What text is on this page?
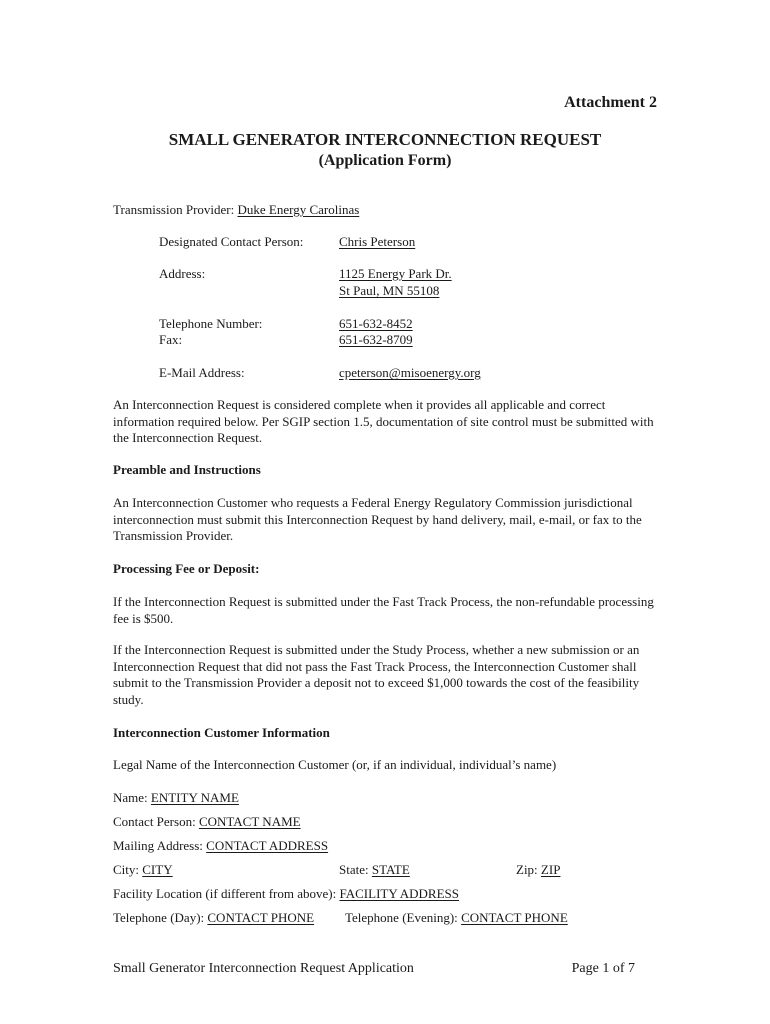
Attachment 2
SMALL GENERATOR INTERCONNECTION REQUEST
(Application Form)
Transmission Provider: Duke Energy Carolinas
Designated Contact Person:	Chris Peterson
Address:	1125 Energy Park Dr.
St Paul, MN 55108
Telephone Number:	651-632-8452
Fax:	651-632-8709
E-Mail Address:	cpeterson@misoenergy.org
An Interconnection Request is considered complete when it provides all applicable and correct information required below. Per SGIP section 1.5, documentation of site control must be submitted with the Interconnection Request.
Preamble and Instructions
An Interconnection Customer who requests a Federal Energy Regulatory Commission jurisdictional interconnection must submit this Interconnection Request by hand delivery, mail, e-mail, or fax to the Transmission Provider.
Processing Fee or Deposit:
If the Interconnection Request is submitted under the Fast Track Process, the non-refundable processing fee is $500.
If the Interconnection Request is submitted under the Study Process, whether a new submission or an Interconnection Request that did not pass the Fast Track Process, the Interconnection Customer shall submit to the Transmission Provider a deposit not to exceed $1,000 towards the cost of the feasibility study.
Interconnection Customer Information
Legal Name of the Interconnection Customer (or, if an individual, individual’s name)
Name: ENTITY NAME
Contact Person: CONTACT NAME
Mailing Address: CONTACT ADDRESS
City: CITY	State: STATE	Zip: ZIP
Facility Location (if different from above): FACILITY ADDRESS
Telephone (Day): CONTACT PHONE Telephone (Evening): CONTACT PHONE
Small Generator Interconnection Request Application	Page 1 of 7
